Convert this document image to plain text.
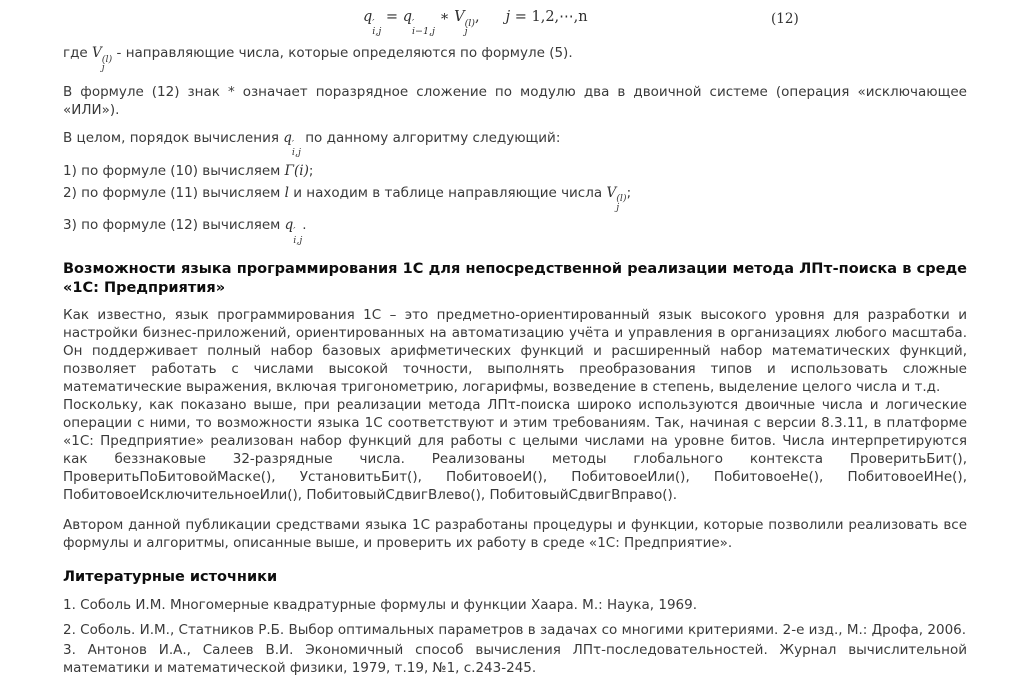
q ′
i,j
= q ′
i−1,j
∗ V (l)
j
, j = 1,2,⋯,n	(12)

где V (l)
j
- направляющие числа, которые определяются по формуле (5).

В формуле (12) знак * означает поразрядное сложение по модулю два в двоичной системе (операция «исключающее «ИЛИ»).

В целом, порядок вычисления q ′
i,j
по данному алгоритму следующий:

1) по формуле (10) вычисляем Γ(i);

2) по формуле (11) вычисляем l и находим в таблице направляющие числа V (l)
j
;

3) по формуле (12) вычисляем q ′
i,j
.

Возможности языка программирования 1С для непосредственной реализации метода ЛПτ-поиска в среде «1С: Предприятия»

Как известно, язык программирования 1С – это предметно-ориентированный язык высокого уровня для разработки и настройки бизнес-приложений, ориентированных на автоматизацию учёта и управления в организациях любого масштаба. Он поддерживает полный набор базовых арифметических функций и расширенный набор математических функций, позволяет работать с числами высокой точности, выполнять преобразования типов и использовать сложные математические выражения, включая тригонометрию, логарифмы, возведение в степень, выделение целого числа и т.д.

Поскольку, как показано выше, при реализации метода ЛПτ-поиска широко используются двоичные числа и логические операции с ними, то возможности языка 1С соответствуют и этим требованиям. Так, начиная с версии 8.3.11, в платформе «1С: Предприятие» реализован набор функций для работы с целыми числами на уровне битов. Числа интерпретируются как беззнаковые 32-разрядные числа. Реализованы методы глобального контекста ПроверитьБит(), ПроверитьПоБитовойМаске(), УстановитьБит(), ПобитовоеИ(), ПобитовоеИли(), ПобитовоеНе(), ПобитовоеИНе(), ПобитовоеИсключительноеИли(), ПобитовыйСдвигВлево(), ПобитовыйСдвигВправо().

Автором данной публикации средствами языка 1С разработаны процедуры и функции, которые позволили реализовать все формулы и алгоритмы, описанные выше, и проверить их работу в среде «1С: Предприятие».

Литературные источники

1. Соболь И.М. Многомерные квадратурные формулы и функции Хаара. М.: Наука, 1969.

2. Соболь. И.М., Статников Р.Б. Выбор оптимальных параметров в задачах со многими критериями. 2-е изд., М.: Дрофа, 2006.

3. Антонов И.А., Салеев В.И. Экономичный способ вычисления ЛПτ-последовательностей. Журнал вычислительной математики и математической физики, 1979, т.19, №1, с.243-245.
